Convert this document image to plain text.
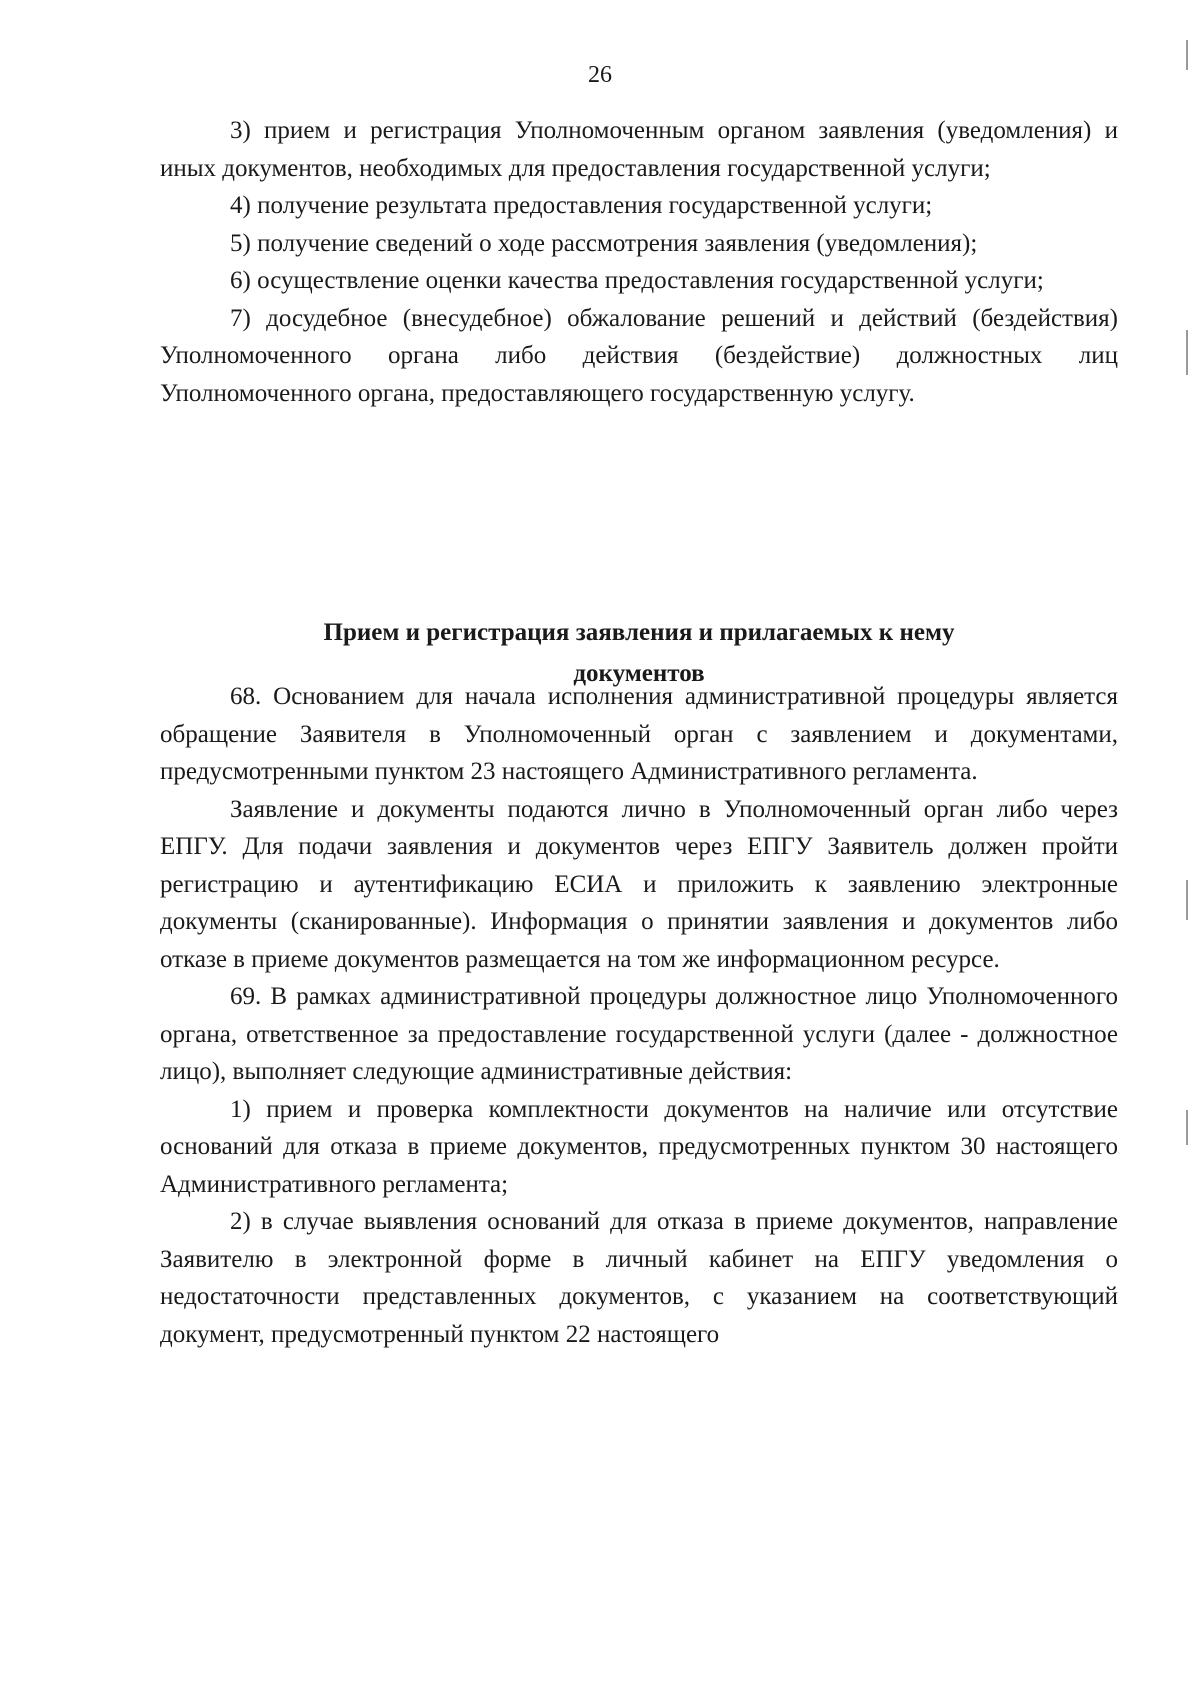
26

3) прием и регистрация Уполномоченным органом заявления (уведомления) и иных документов, необходимых для предоставления государственной услуги;

4) получение результата предоставления государственной услуги;

5) получение сведений о ходе рассмотрения заявления (уведомления);

6) осуществление оценки качества предоставления государственной услуги;

7) досудебное (внесудебное) обжалование решений и действий (бездействия) Уполномоченного органа либо действия (бездействие) должностных лиц Уполномоченного органа, предоставляющего государственную услугу.

Прием и регистрация заявления и прилагаемых к нему
документов

68. Основанием для начала исполнения административной процедуры является обращение Заявителя в Уполномоченный орган с заявлением и документами, предусмотренными пунктом 23 настоящего Административного регламента.

Заявление и документы подаются лично в Уполномоченный орган либо через ЕПГУ. Для подачи заявления и документов через ЕПГУ Заявитель должен пройти регистрацию и аутентификацию ЕСИА и приложить к заявлению электронные документы (сканированные). Информация о принятии заявления и документов либо отказе в приеме документов размещается на том же информационном ресурсе.

69. В рамках административной процедуры должностное лицо Уполномоченного органа, ответственное за предоставление государственной услуги (далее - должностное лицо), выполняет следующие административные действия:

1) прием и проверка комплектности документов на наличие или отсутствие оснований для отказа в приеме документов, предусмотренных пунктом 30 настоящего Административного регламента;

2) в случае выявления оснований для отказа в приеме документов, направление Заявителю в электронной форме в личный кабинет на ЕПГУ уведомления о недостаточности представленных документов, с указанием на соответствующий документ, предусмотренный пунктом 22 настоящего
